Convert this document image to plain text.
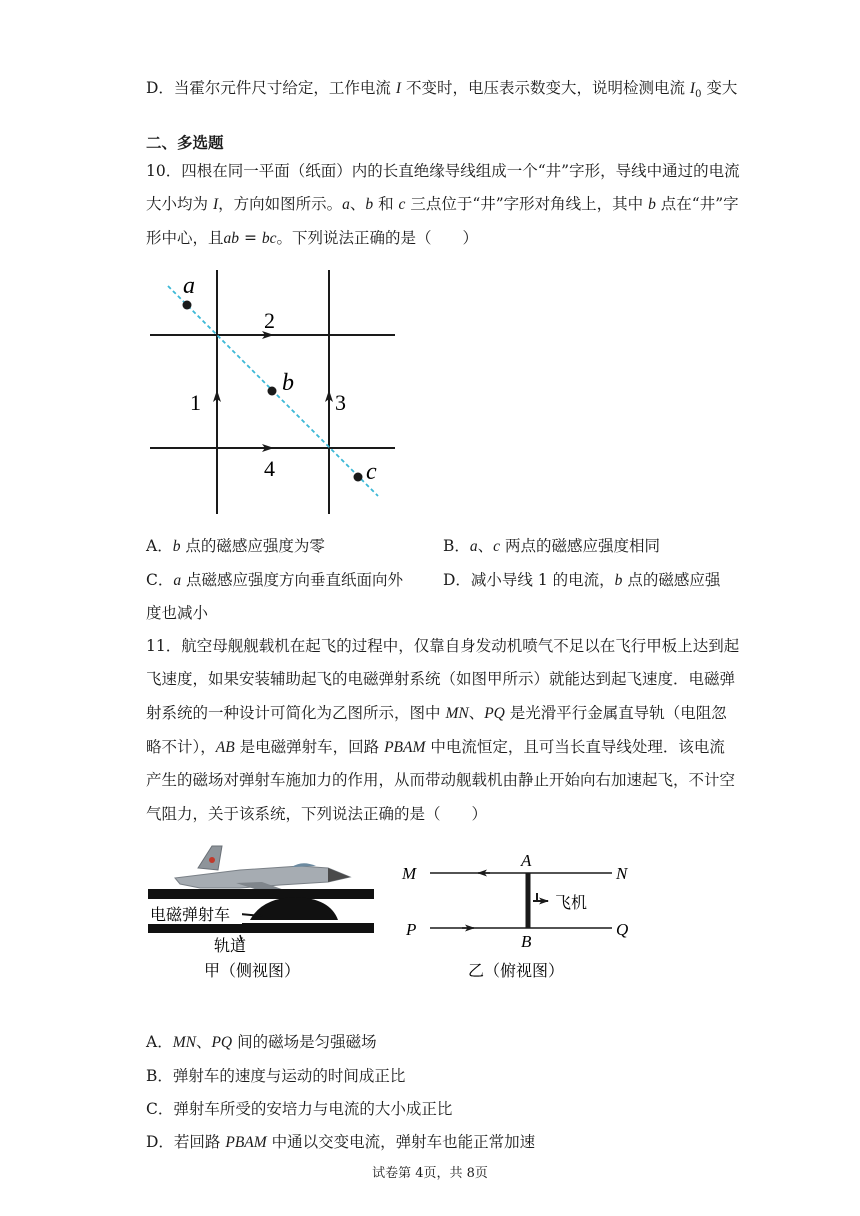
D．当霍尔元件尺寸给定，工作电流 I 不变时，电压表示数变大，说明检测电流 $I_0$ 变大
二、多选题
10．四根在同一平面（纸面）内的长直绝缘导线组成一个“井”字形，导线中通过的电流
大小均为 I，方向如图所示。a、b 和 c 三点位于“井”字形对角线上，其中 b 点在“井”字
形中心，且ab = bc。下列说法正确的是（　　）
a
b
c
2
4
1	3
A．b 点的磁感应强度为零	B．a、c 两点的磁感应强度相同
C．a 点磁感应强度方向垂直纸面向外	D．减小导线 1 的电流，b 点的磁感应强
度也减小
11．航空母舰舰载机在起飞的过程中，仅靠自身发动机喷气不足以在飞行甲板上达到起
飞速度，如果安装辅助起飞的电磁弹射系统（如图甲所示）就能达到起飞速度．电磁弹
射系统的一种设计可简化为乙图所示，图中 MN、PQ 是光滑平行金属直导轨（电阻忽
略不计），AB 是电磁弹射车，回路 PBAM 中电流恒定，且可当长直导线处理．该电流
产生的磁场对弹射车施加力的作用，从而带动舰载机由静止开始向右加速起飞，不计空
气阻力，关于该系统，下列说法正确的是（　　）
电磁弹射车
轨道
甲（侧视图）
M	N
P	Q
A
B
飞机
乙（俯视图）
A．MN、PQ 间的磁场是匀强磁场
B．弹射车的速度与运动的时间成正比
C．弹射车所受的安培力与电流的大小成正比
D．若回路 PBAM 中通以交变电流，弹射车也能正常加速
试卷第 4页，共 8页
